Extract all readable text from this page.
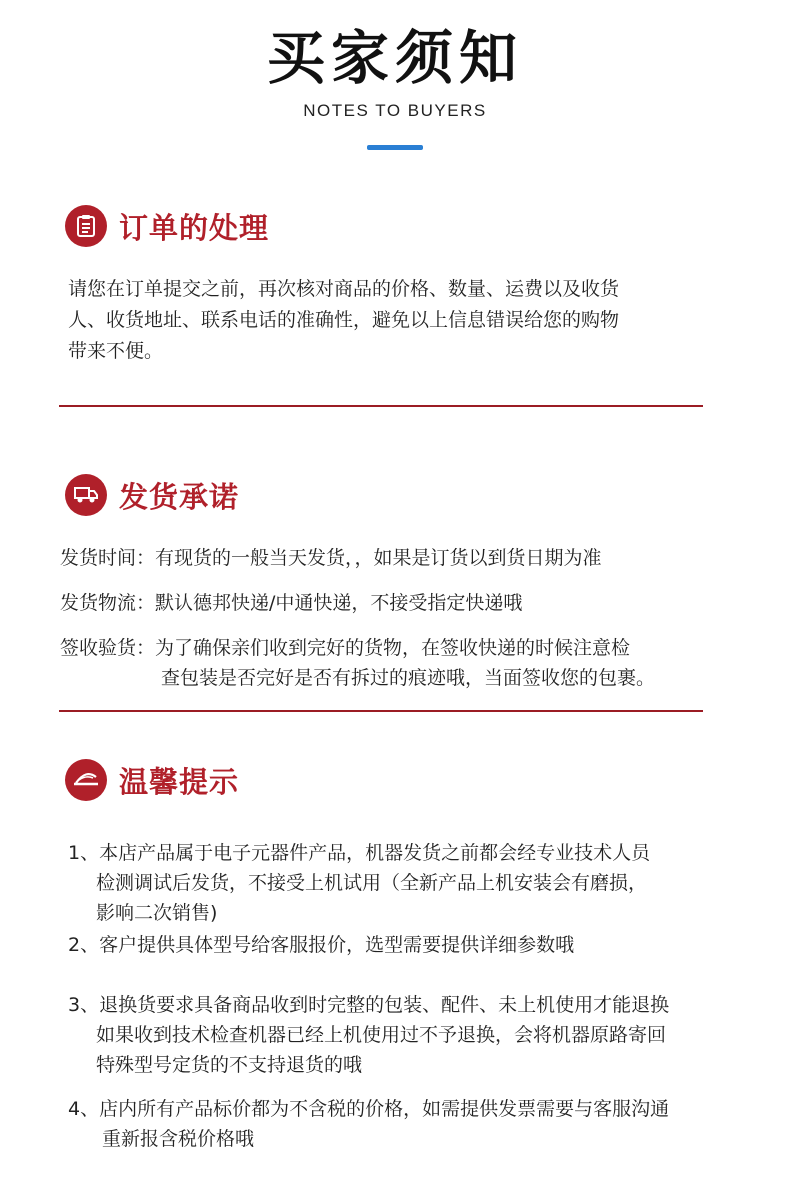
买家须知
NOTES TO BUYERS
订单的处理
请您在订单提交之前，再次核对商品的价格、数量、运费以及收货
人、收货地址、联系电话的准确性，避免以上信息错误给您的购物
带来不便。
发货承诺
发货时间：有现货的一般当天发货，，如果是订货以到货日期为准
发货物流：默认德邦快递/中通快递，不接受指定快递哦
签收验货：为了确保亲们收到完好的货物，在签收快递的时候注意检
查包装是否完好是否有拆过的痕迹哦，当面签收您的包裹。
温馨提示
1、本店产品属于电子元器件产品，机器发货之前都会经专业技术人员
检测调试后发货，不接受上机试用（全新产品上机安装会有磨损，
影响二次销售)
2、客户提供具体型号给客服报价，选型需要提供详细参数哦
3、退换货要求具备商品收到时完整的包装、配件、未上机使用才能退换
如果收到技术检查机器已经上机使用过不予退换，会将机器原路寄回
特殊型号定货的不支持退货的哦
4、店内所有产品标价都为不含税的价格，如需提供发票需要与客服沟通
重新报含税价格哦
